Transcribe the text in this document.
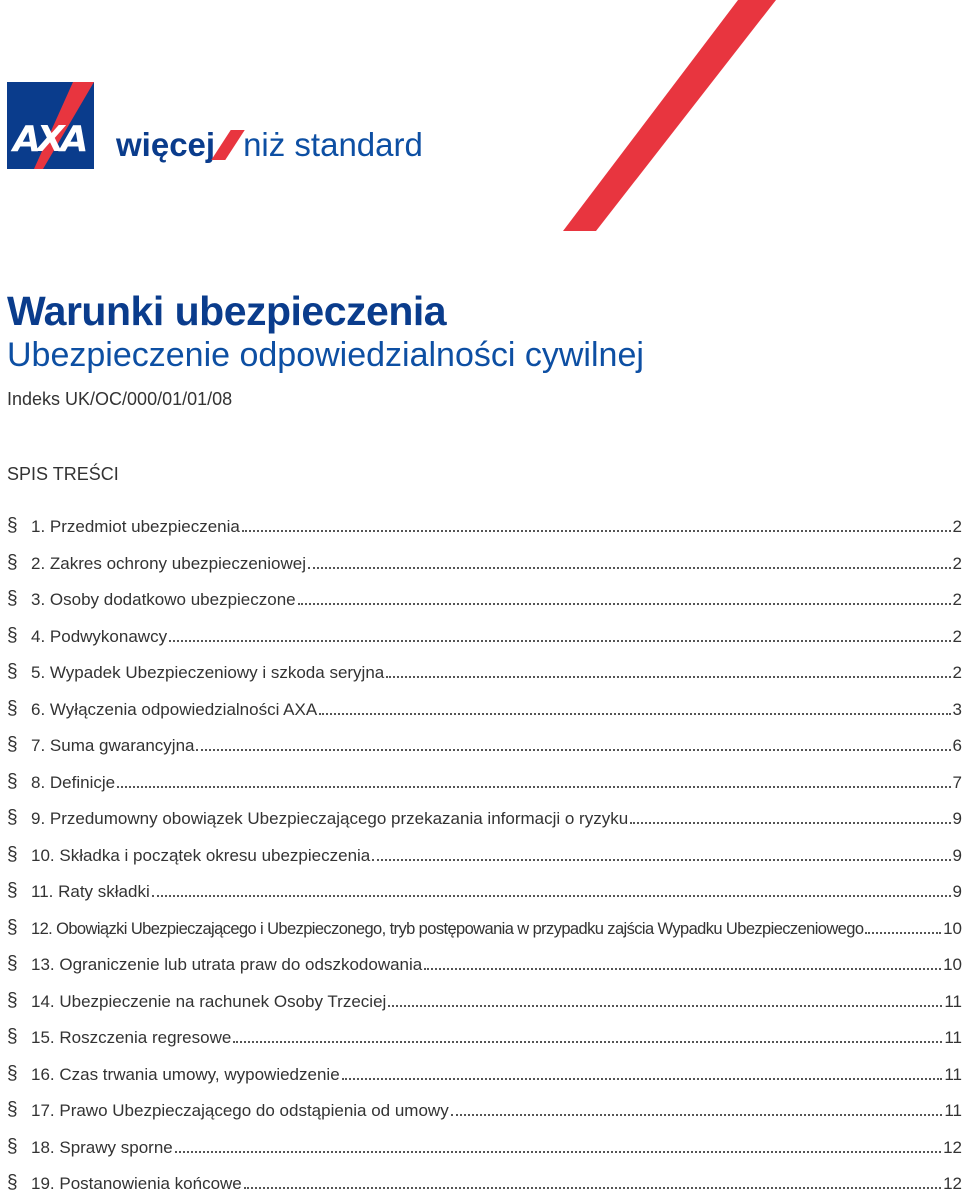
AXA więcej niż standard
Warunki ubezpieczenia
Ubezpieczenie odpowiedzialności cywilnej
Indeks UK/OC/000/01/01/08
SPIS TREŚCI
§ 1. Przedmiot ubezpieczenia	2
§ 2. Zakres ochrony ubezpieczeniowej	2
§ 3. Osoby dodatkowo ubezpieczone	2
§ 4. Podwykonawcy	2
§ 5. Wypadek Ubezpieczeniowy i szkoda seryjna	2
§ 6. Wyłączenia odpowiedzialności AXA	3
§ 7. Suma gwarancyjna	6
§ 8. Definicje	7
§ 9. Przedumowny obowiązek Ubezpieczającego przekazania informacji o ryzyku	9
§ 10. Składka i początek okresu ubezpieczenia	9
§ 11. Raty składki	9
§ 12. Obowiązki Ubezpieczającego i Ubezpieczonego, tryb postępowania w przypadku zajścia Wypadku Ubezpieczeniowego	10
§ 13. Ograniczenie lub utrata praw do odszkodowania	10
§ 14. Ubezpieczenie na rachunek Osoby Trzeciej	11
§ 15. Roszczenia regresowe	11
§ 16. Czas trwania umowy, wypowiedzenie	11
§ 17. Prawo Ubezpieczającego do odstąpienia od umowy	11
§ 18. Sprawy sporne	12
§ 19. Postanowienia końcowe	12
